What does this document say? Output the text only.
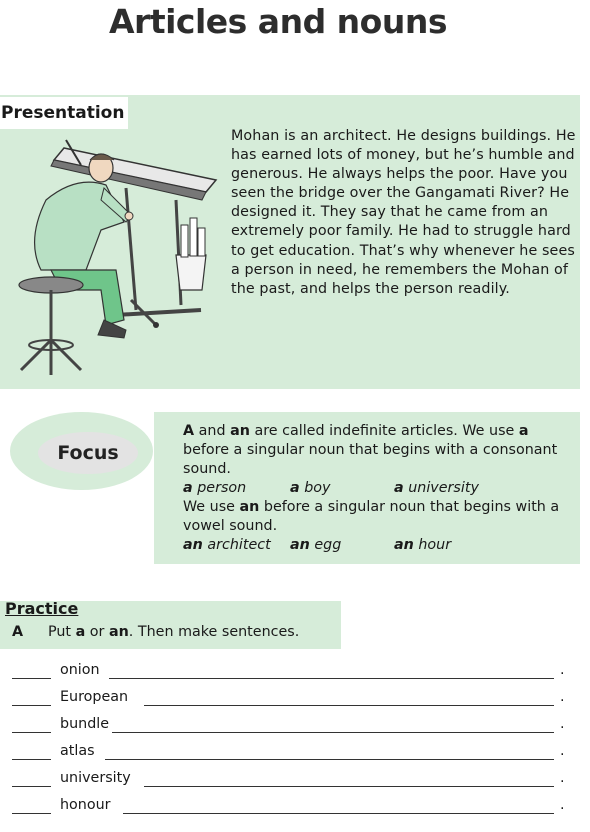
Articles and nouns
Presentation

Mohan is an architect. He designs buildings. He has earned lots of money, but he’s humble and generous. He always helps the poor. Have you seen the bridge over the Gangamati River? He designed it. They say that he came from an extremely poor family. He had to struggle hard to get education. That’s why whenever he sees a person in need, he remembers the Mohan of the past, and helps the person readily.

Focus

A and an are called indefinite articles. We use a before a singular noun that begins with a consonant sound.

a person	a boy	a university

We use an before a singular noun that begins with a vowel sound.

an architect	an egg	an hour
Practice
A Put a or an. Then make sentences.
onion	.
European	.
bundle	.
atlas	.
university	.
honour	.
